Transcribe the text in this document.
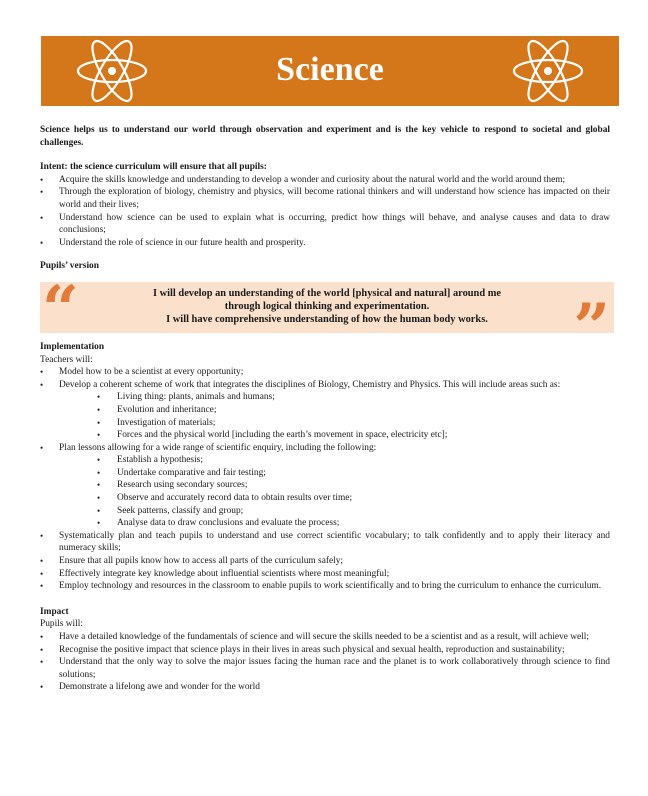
Science

Science helps us to understand our world through observation and experiment and is the key vehicle to respond to societal and global challenges.

Intent: the science curriculum will ensure that all pupils:
• Acquire the skills knowledge and understanding to develop a wonder and curiosity about the natural world and the world around them;
• Through the exploration of biology, chemistry and physics, will become rational thinkers and will understand how science has impacted on their world and their lives;
• Understand how science can be used to explain what is occurring, predict how things will behave, and analyse causes and data to draw conclusions;
• Understand the role of science in our future health and prosperity.
Pupils’ version
“	I will develop an understanding of the world [physical and natural] around me
through logical thinking and experimentation.
I will have comprehensive understanding of how the human body works.	”
Implementation
Teachers will:
• Model how to be a scientist at every opportunity;
• Develop a coherent scheme of work that integrates the disciplines of Biology, Chemistry and Physics. This will include areas such as:
• Living thing: plants, animals and humans;
• Evolution and inheritance;
• Investigation of materials;
• Forces and the physical world [including the earth’s movement in space, electricity etc];
• Plan lessons allowing for a wide range of scientific enquiry, including the following:
• Establish a hypothesis;
• Undertake comparative and fair testing;
• Research using secondary sources;
• Observe and accurately record data to obtain results over time;
• Seek patterns, classify and group;
• Analyse data to draw conclusions and evaluate the process;
• Systematically plan and teach pupils to understand and use correct scientific vocabulary; to talk confidently and to apply their literacy and numeracy skills;
• Ensure that all pupils know how to access all parts of the curriculum safely;
• Effectively integrate key knowledge about influential scientists where most meaningful;
• Employ technology and resources in the classroom to enable pupils to work scientifically and to bring the curriculum to enhance the curriculum.
Impact
Pupils will:
• Have a detailed knowledge of the fundamentals of science and will secure the skills needed to be a scientist and as a result, will achieve well;
• Recognise the positive impact that science plays in their lives in areas such physical and sexual health, reproduction and sustainability;
• Understand that the only way to solve the major issues facing the human race and the planet is to work collaboratively through science to find solutions;
• Demonstrate a lifelong awe and wonder for the world
